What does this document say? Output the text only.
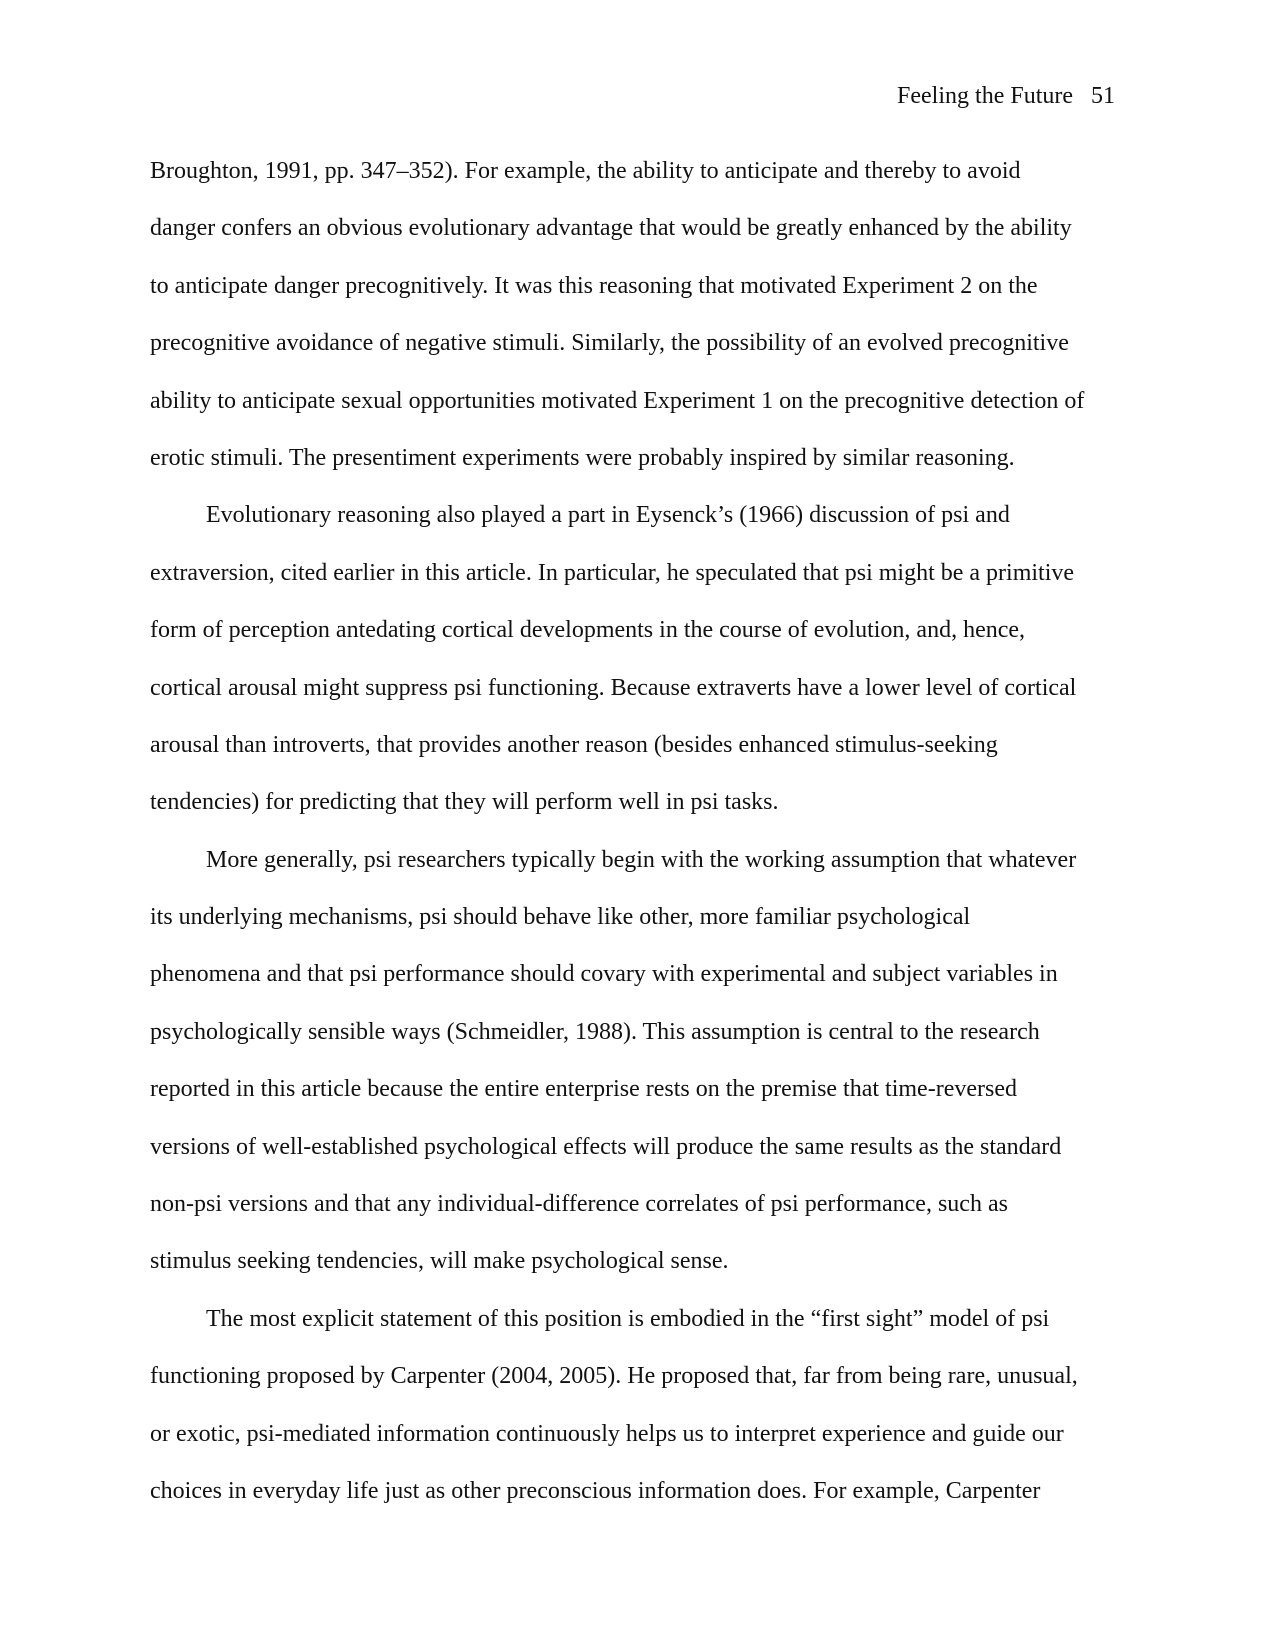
Feeling the Future 51
Broughton, 1991, pp. 347–352). For example, the ability to anticipate and thereby to avoid
danger confers an obvious evolutionary advantage that would be greatly enhanced by the ability
to anticipate danger precognitively. It was this reasoning that motivated Experiment 2 on the
precognitive avoidance of negative stimuli. Similarly, the possibility of an evolved precognitive
ability to anticipate sexual opportunities motivated Experiment 1 on the precognitive detection of
erotic stimuli. The presentiment experiments were probably inspired by similar reasoning.
Evolutionary reasoning also played a part in Eysenck’s (1966) discussion of psi and
extraversion, cited earlier in this article. In particular, he speculated that psi might be a primitive
form of perception antedating cortical developments in the course of evolution, and, hence,
cortical arousal might suppress psi functioning. Because extraverts have a lower level of cortical
arousal than introverts, that provides another reason (besides enhanced stimulus-seeking
tendencies) for predicting that they will perform well in psi tasks.
More generally, psi researchers typically begin with the working assumption that whatever
its underlying mechanisms, psi should behave like other, more familiar psychological
phenomena and that psi performance should covary with experimental and subject variables in
psychologically sensible ways (Schmeidler, 1988). This assumption is central to the research
reported in this article because the entire enterprise rests on the premise that time-reversed
versions of well-established psychological effects will produce the same results as the standard
non-psi versions and that any individual-difference correlates of psi performance, such as
stimulus seeking tendencies, will make psychological sense.
The most explicit statement of this position is embodied in the “first sight” model of psi
functioning proposed by Carpenter (2004, 2005). He proposed that, far from being rare, unusual,
or exotic, psi-mediated information continuously helps us to interpret experience and guide our
choices in everyday life just as other preconscious information does. For example, Carpenter
